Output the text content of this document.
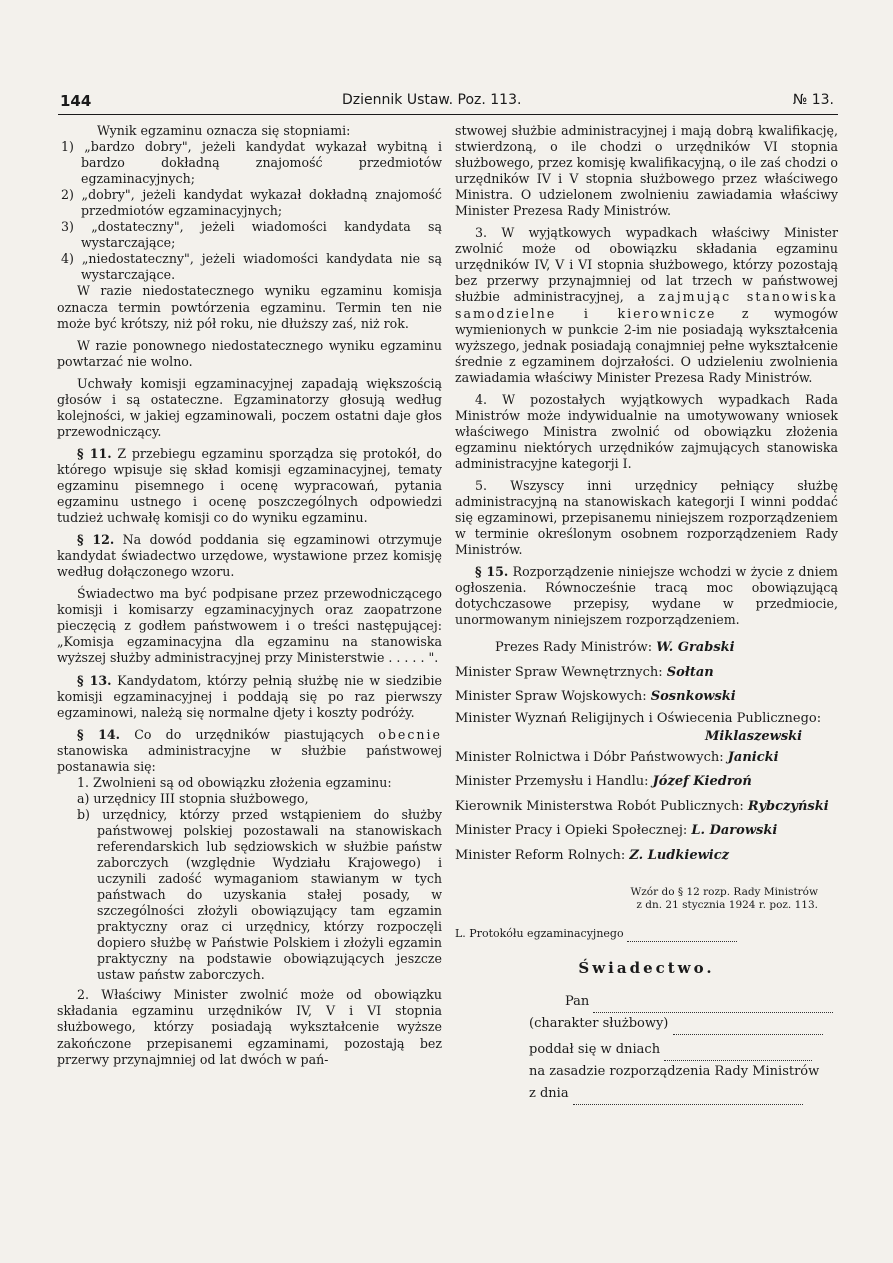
144	Dziennik Ustaw. Poz. 113.	№ 13.

Wynik egzaminu oznacza się stopniami:

1) „bardzo dobry", jeżeli kandydat wykazał wybitną i bardzo dokładną znajomość przedmiotów egzaminacyjnych;
2) „dobry", jeżeli kandydat wykazał dokładną znajomość przedmiotów egzaminacyjnych;
3) „dostateczny", jeżeli wiadomości kandydata są wystarczające;
4) „niedostateczny", jeżeli wiadomości kandydata nie są wystarczające.

W razie niedostatecznego wyniku egzaminu komisja oznacza termin powtórzenia egzaminu. Termin ten nie może być krótszy, niż pół roku, nie dłuższy zaś, niż rok.

W razie ponownego niedostatecznego wyniku egzaminu powtarzać nie wolno.

Uchwały komisji egzaminacyjnej zapadają większością głosów i są ostateczne. Egzaminatorzy głosują według kolejności, w jakiej egzaminowali, poczem ostatni daje głos przewodniczący.

§ 11. Z przebiegu egzaminu sporządza się protokół, do którego wpisuje się skład komisji egzaminacyjnej, tematy egzaminu pisemnego i ocenę wypracowań, pytania egzaminu ustnego i ocenę poszczególnych odpowiedzi tudzież uchwałę komisji co do wyniku egzaminu.

§ 12. Na dowód poddania się egzaminowi otrzymuje kandydat świadectwo urzędowe, wystawione przez komisję według dołączonego wzoru.

Świadectwo ma być podpisane przez przewodniczącego komisji i komisarzy egzaminacyjnych oraz zaopatrzone pieczęcią z godłem państwowem i o treści następującej: „Komisja egzaminacyjna dla egzaminu na stanowiska wyższej służby administracyjnej przy Ministerstwie . . . . . ".

§ 13. Kandydatom, którzy pełnią służbę nie w siedzibie komisji egzaminacyjnej i poddają się po raz pierwszy egzaminowi, należą się normalne djety i koszty podróży.

§ 14. Co do urzędników piastujących obecnie stanowiska administracyjne w służbie państwowej postanawia się:

1. Zwolnieni są od obowiązku złożenia egzaminu:

a) urzędnicy III stopnia służbowego,
b) urzędnicy, którzy przed wstąpieniem do służby państwowej polskiej pozostawali na stanowiskach referendarskich lub sędziowskich w służbie państw zaborczych (względnie Wydziału Krajowego) i uczynili zadość wymaganiom stawianym w tych państwach do uzyskania stałej posady, w szczególności złożyli obowiązujący tam egzamin praktyczny oraz ci urzędnicy, którzy rozpoczęli dopiero służbę w Państwie Polskiem i złożyli egzamin praktyczny na podstawie obowiązujących jeszcze ustaw państw zaborczych.

2. Właściwy Minister zwolnić może od obowiązku składania egzaminu urzędników IV, V i VI stopnia służbowego, którzy posiadają wykształcenie wyższe zakończone przepisanemi egzaminami, pozostają bez przerwy przynajmniej od lat dwóch w pań-

stwowej służbie administracyjnej i mają dobrą kwalifikację, stwierdzoną, o ile chodzi o urzędników VI stopnia służbowego, przez komisję kwalifikacyjną, o ile zaś chodzi o urzędników IV i V stopnia służbowego przez właściwego Ministra. O udzielonem zwolnieniu zawiadamia właściwy Minister Prezesa Rady Ministrów.

3. W wyjątkowych wypadkach właściwy Minister zwolnić może od obowiązku składania egzaminu urzędników IV, V i VI stopnia służbowego, którzy pozostają bez przerwy przynajmniej od lat trzech w państwowej służbie administracyjnej, a zajmując stanowiska samodzielne i kierownicze z wymogów wymienionych w punkcie 2-im nie posiadają wykształcenia wyższego, jednak posiadają conajmniej pełne wykształcenie średnie z egzaminem dojrzałości. O udzieleniu zwolnienia zawiadamia właściwy Minister Prezesa Rady Ministrów.

4. W pozostałych wyjątkowych wypadkach Rada Ministrów może indywidualnie na umotywowany wniosek właściwego Ministra zwolnić od obowiązku złożenia egzaminu niektórych urzędników zajmujących stanowiska administracyjne kategorji I.

5. Wszyscy inni urzędnicy pełniący służbę administracyjną na stanowiskach kategorji I winni poddać się egzaminowi, przepisanemu niniejszem rozporządzeniem w terminie określonym osobnem rozporządzeniem Rady Ministrów.

§ 15. Rozporządzenie niniejsze wchodzi w życie z dniem ogłoszenia. Równocześnie tracą moc obowiązującą dotychczasowe przepisy, wydane w przedmiocie, unormowanym niniejszem rozporządzeniem.

Prezes Rady Ministrów: W. Grabski
Minister Spraw Wewnętrznych: Sołtan
Minister Spraw Wojskowych: Sosnkowski
Minister Wyznań Religijnych i Oświecenia Publicznego:
Miklaszewski
Minister Rolnictwa i Dóbr Państwowych: Janicki
Minister Przemysłu i Handlu: Józef Kiedroń
Kierownik Ministerstwa Robót Publicznych: Rybczyński
Minister Pracy i Opieki Społecznej: L. Darowski
Minister Reform Rolnych: Z. Ludkiewicz
Wzór do § 12 rozp. Rady Ministrów
z dn. 21 stycznia 1924 r. poz. 113.
L. Protokółu egzaminacyjnego
Świadectwo.
Pan
(charakter służbowy)
poddał się w dniach
na zasadzie rozporządzenia Rady Ministrów
z dnia
